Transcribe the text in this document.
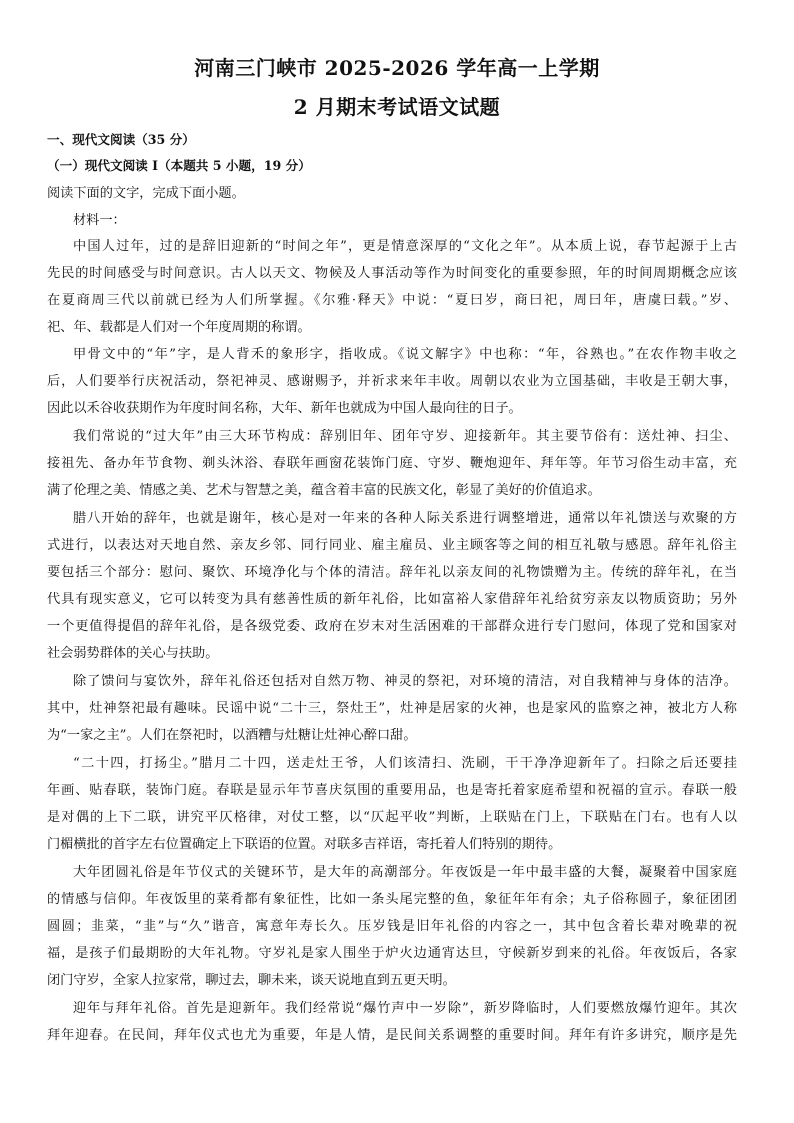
河南三门峡市 2025-2026 学年高一上学期
2 月期末考试语文试题
一、现代文阅读（35 分）
（一）现代文阅读 I（本题共 5 小题，19 分）
阅读下面的文字，完成下面小题。
材料一：
中国人过年，过的是辞旧迎新的“时间之年”，更是情意深厚的“文化之年”。从本质上说，春节起源于上古
先民的时间感受与时间意识。古人以天文、物候及人事活动等作为时间变化的重要参照，年的时间周期概念应该
在夏商周三代以前就已经为人们所掌握。《尔雅·释天》中说：“夏曰岁，商曰祀，周曰年，唐虞曰载。”岁、
祀、年、载都是人们对一个年度周期的称谓。
甲骨文中的“年”字，是人背禾的象形字，指收成。《说文解字》中也称：“年，谷熟也。”在农作物丰收之
后，人们要举行庆祝活动，祭祀神灵、感谢赐予，并祈求来年丰收。周朝以农业为立国基础，丰收是王朝大事，
因此以禾谷收获期作为年度时间名称，大年、新年也就成为中国人最向往的日子。
我们常说的“过大年”由三大环节构成：辞别旧年、团年守岁、迎接新年。其主要节俗有：送灶神、扫尘、
接祖先、备办年节食物、剃头沐浴、春联年画窗花装饰门庭、守岁、鞭炮迎年、拜年等。年节习俗生动丰富，充
满了伦理之美、情感之美、艺术与智慧之美，蕴含着丰富的民族文化，彰显了美好的价值追求。
腊八开始的辞年，也就是谢年，核心是对一年来的各种人际关系进行调整增进，通常以年礼馈送与欢聚的方
式进行，以表达对天地自然、亲友乡邻、同行同业、雇主雇员、业主顾客等之间的相互礼敬与感恩。辞年礼俗主
要包括三个部分：慰问、聚饮、环境净化与个体的清洁。辞年礼以亲友间的礼物馈赠为主。传统的辞年礼，在当
代具有现实意义，它可以转变为具有慈善性质的新年礼俗，比如富裕人家借辞年礼给贫穷亲友以物质资助；另外
一个更值得提倡的辞年礼俗，是各级党委、政府在岁末对生活困难的干部群众进行专门慰问，体现了党和国家对
社会弱势群体的关心与扶助。
除了馈问与宴饮外，辞年礼俗还包括对自然万物、神灵的祭祀，对环境的清洁，对自我精神与身体的洁净。
其中，灶神祭祀最有趣味。民谣中说“二十三，祭灶王”，灶神是居家的火神，也是家风的监察之神，被北方人称
为“一家之主”。人们在祭祀时，以酒糟与灶糖让灶神心醉口甜。
“二十四，打扬尘。”腊月二十四，送走灶王爷，人们该清扫、洗刷，干干净净迎新年了。扫除之后还要挂
年画、贴春联，装饰门庭。春联是显示年节喜庆氛围的重要用品，也是寄托着家庭希望和祝福的宣示。春联一般
是对偶的上下二联，讲究平仄格律，对仗工整，以“仄起平收”判断，上联贴在门上，下联贴在门右。也有人以
门楣横批的首字左右位置确定上下联语的位置。对联多吉祥语，寄托着人们特别的期待。
大年团圆礼俗是年节仪式的关键环节，是大年的高潮部分。年夜饭是一年中最丰盛的大餐，凝聚着中国家庭
的情感与信仰。年夜饭里的菜肴都有象征性，比如一条头尾完整的鱼，象征年年有余；丸子俗称圆子，象征团团
圆圆；韭菜，“韭”与“久”谐音，寓意年寿长久。压岁钱是旧年礼俗的内容之一，其中包含着长辈对晚辈的祝
福，是孩子们最期盼的大年礼物。守岁礼是家人围坐于炉火边通宵达旦，守候新岁到来的礼俗。年夜饭后，各家
闭门守岁，全家人拉家常，聊过去，聊未来，谈天说地直到五更天明。
迎年与拜年礼俗。首先是迎新年。我们经常说“爆竹声中一岁除”，新岁降临时，人们要燃放爆竹迎年。其次
拜年迎春。在民间，拜年仪式也尤为重要，年是人情，是民间关系调整的重要时间。拜年有许多讲究，顺序是先
